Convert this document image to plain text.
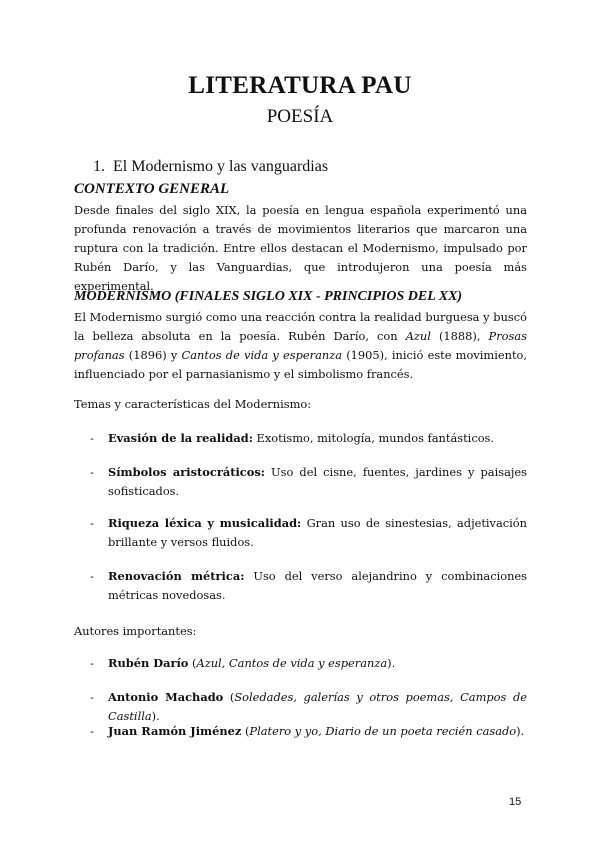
LITERATURA PAU
POESÍA
1. El Modernismo y las vanguardias
CONTEXTO GENERAL
Desde finales del siglo XIX, la poesía en lengua española experimentó una profunda renovación a través de movimientos literarios que marcaron una ruptura con la tradición. Entre ellos destacan el Modernismo, impulsado por Rubén Darío, y las Vanguardias, que introdujeron una poesía más experimental.
MODERNISMO (FINALES SIGLO XIX - PRINCIPIOS DEL XX)
El Modernismo surgió como una reacción contra la realidad burguesa y buscó la belleza absoluta en la poesía. Rubén Darío, con Azul (1888), Prosas profanas (1896) y Cantos de vida y esperanza (1905), inició este movimiento, influenciado por el parnasianismo y el simbolismo francés.
Temas y características del Modernismo:
- Evasión de la realidad: Exotismo, mitología, mundos fantásticos.
- Símbolos aristocráticos: Uso del cisne, fuentes, jardines y paisajes sofisticados.
- Riqueza léxica y musicalidad: Gran uso de sinestesias, adjetivación brillante y versos fluidos.
- Renovación métrica: Uso del verso alejandrino y combinaciones métricas novedosas.
Autores importantes:
- Rubén Darío (Azul, Cantos de vida y esperanza).
- Antonio Machado (Soledades, galerías y otros poemas, Campos de Castilla).
- Juan Ramón Jiménez (Platero y yo, Diario de un poeta recién casado).
15
